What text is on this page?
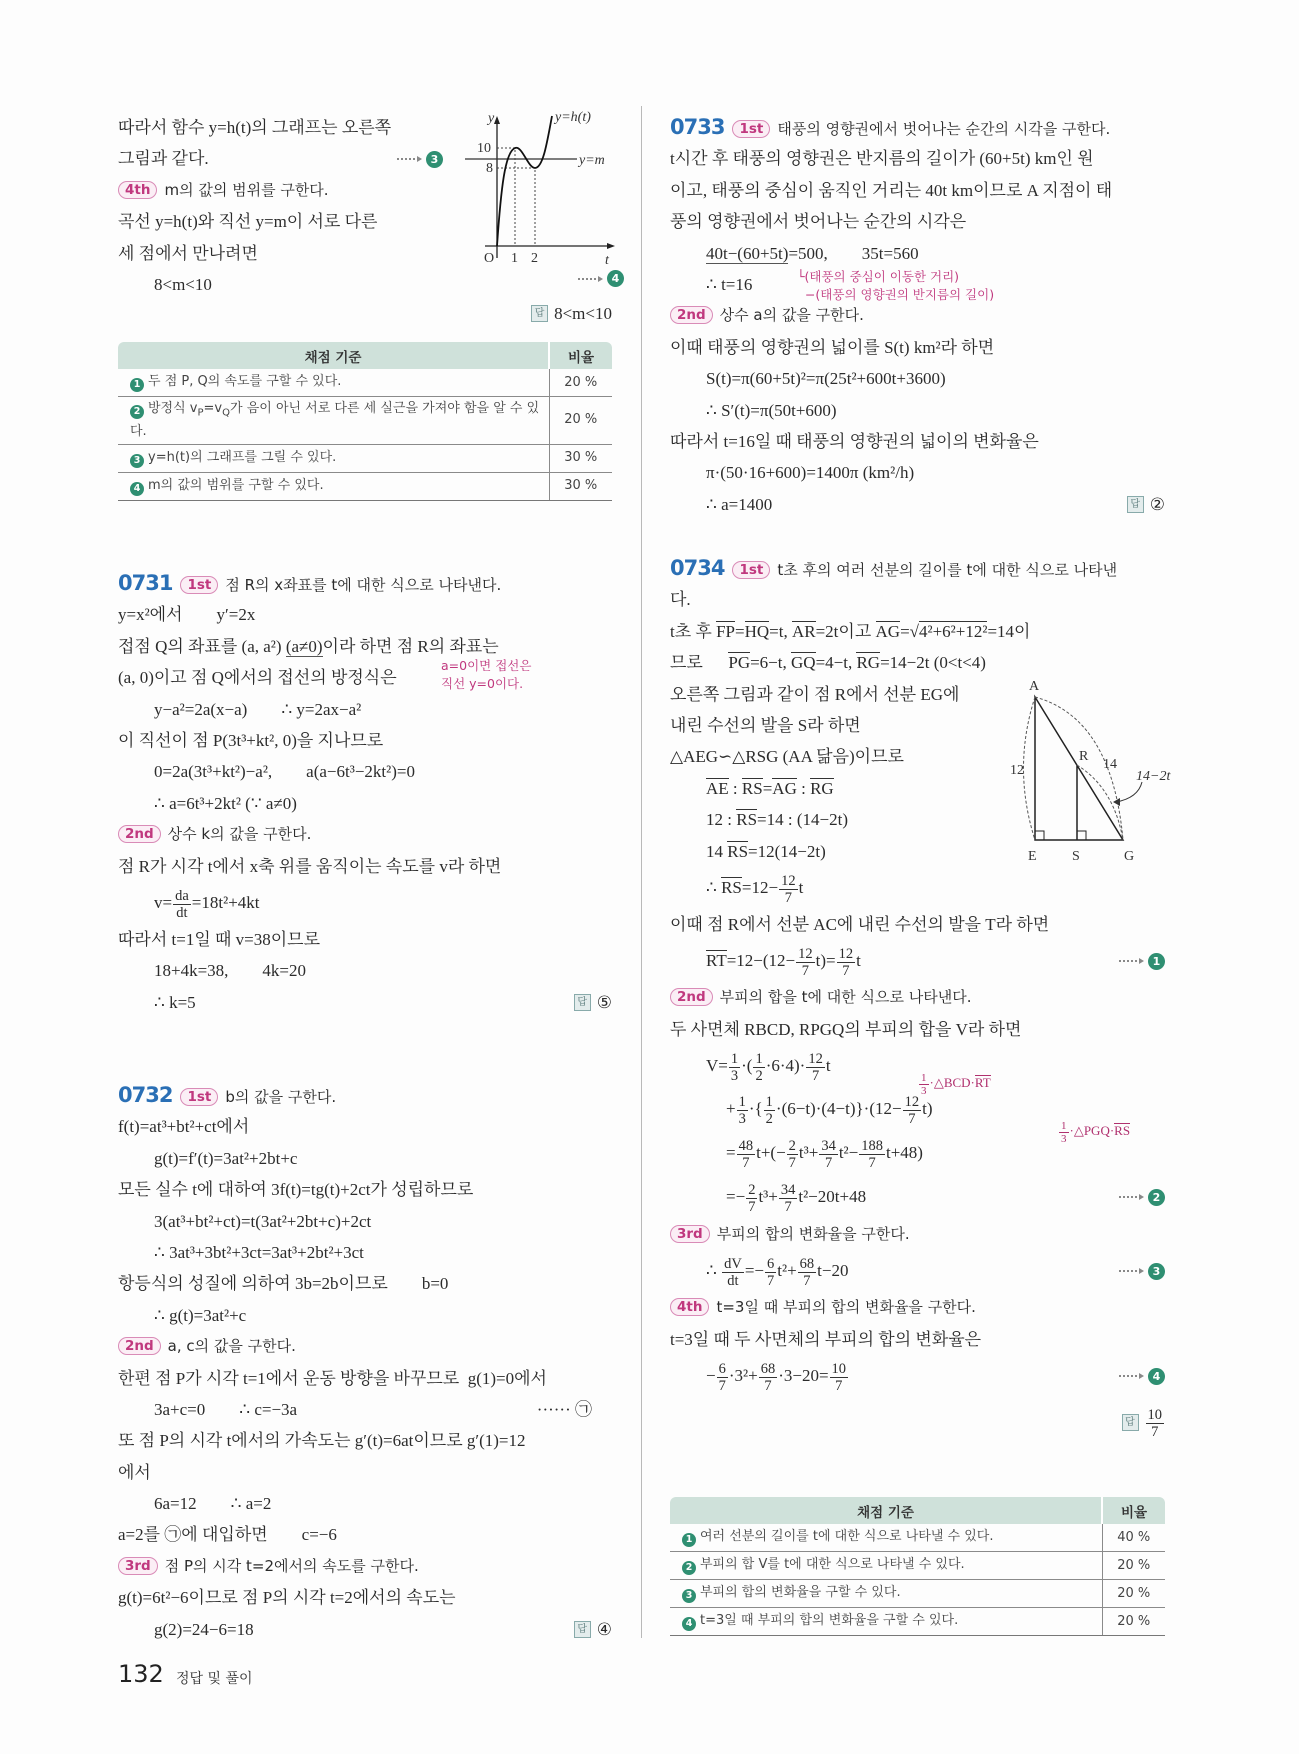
따라서 함수 y=h(t)의 그래프는 오른쪽
그림과 같다.	3
4th m의 값의 범위를 구한다.
곡선 y=h(t)와 직선 y=m이 서로 다른
세 점에서 만나려면
8<m<10	4
답 8<m<10
y
10
8
O 1 2	t
y=h(t)
y=m
채점 기준	비율
1 두 점 P, Q의 속도를 구할 수 있다.	20 %
2 방정식 $v_P=v_Q$가 음이 아닌 서로 다른 세 실근을 가져야 함을 알 수 있다.	20 %
3 y=h(t)의 그래프를 그릴 수 있다.	30 %
4 m의 값의 범위를 구할 수 있다.	30 %
0731 1st 점 R의 x좌표를 t에 대한 식으로 나타낸다.
y=x²에서        y′=2x
접점 Q의 좌표를 (a, a²) (a≠0)이라 하면 점 R의 좌표는
(a, 0)이고 점 Q에서의 접선의 방정식은
y−a²=2a(x−a)        ∴ y=2ax−a²
이 직선이 점 P(3t³+kt², 0)을 지나므로
0=2a(3t³+kt²)−a²,        a(a−6t³−2kt²)=0
∴ a=6t³+2kt² (∵ a≠0)
2nd 상수 k의 값을 구한다.
점 R가 시각 t에서 x축 위를 움직이는 속도를 v라 하면
$v= \frac{da}{dt} =18t^2+4kt$
따라서 t=1일 때 v=38이므로
18+4k=38,        4k=20
∴ k=5	답 ⑤
a=0이면 접선은
직선 y=0이다.
0732 1st b의 값을 구한다.
f(t)=at³+bt²+ct에서
g(t)=f′(t)=3at²+2bt+c
모든 실수 t에 대하여 3f(t)=tg(t)+2ct가 성립하므로
3(at³+bt²+ct)=t(3at²+2bt+c)+2ct
∴ 3at³+3bt²+3ct=3at³+2bt²+3ct
항등식의 성질에 의하여 3b=2b이므로        b=0
∴ g(t)=3at²+c
2nd a, c의 값을 구한다.
한편 점 P가 시각 t=1에서 운동 방향을 바꾸므로  g(1)=0에서
3a+c=0        ∴ c=−3a	······ ㉠
또 점 P의 시각 t에서의 가속도는 g′(t)=6at이므로 g′(1)=12
에서
6a=12        ∴ a=2
a=2를 ㉠에 대입하면        c=−6
3rd 점 P의 시각 t=2에서의 속도를 구한다.
g(t)=6t²−6이므로 점 P의 시각 t=2에서의 속도는
g(2)=24−6=18	답 ④
132 정답 및 풀이
0733 1st 태풍의 영향권에서 벗어나는 순간의 시각을 구한다.
t시간 후 태풍의 영향권은 반지름의 길이가 (60+5t) km인 원
이고, 태풍의 중심이 움직인 거리는 40t km이므로 A 지점이 태
풍의 영향권에서 벗어나는 순간의 시각은
40t−(60+5t)=500,        35t=560
∴ t=16
2nd 상수 a의 값을 구한다.
이때 태풍의 영향권의 넓이를 S(t) km²라 하면
S(t)=π(60+5t)²=π(25t²+600t+3600)
∴ S′(t)=π(50t+600)
따라서 t=16일 때 태풍의 영향권의 넓이의 변화율은
π·(50·16+600)=1400π (km²/h)
∴ a=1400	답 ②
└(태풍의 중심이 이동한 거리)
−(태풍의 영향권의 반지름의 길이)
0734 1st t초 후의 여러 선분의 길이를 t에 대한 식으로 나타낸
다.
t초 후 FP=HQ=t, AR=2t이고 AG=√4²+6²+12²=14이
므로      PG=6−t, GQ=4−t, RG=14−2t (0<t<4)
오른쪽 그림과 같이 점 R에서 선분 EG에
내린 수선의 발을 S라 하면
△AEG∽△RSG (AA 닮음)이므로
AE : RS=AG : RG
12 : RS=14 : (14−2t)
14 RS=12(14−2t)
∴ $RS=12- \frac{12}{7}$ t
이때 점 R에서 선분 AC에 내린 수선의 발을 T라 하면
$RT=12-(12- \frac{12}{7} t)= \frac{12}{7}$ t	1
2nd 부피의 합을 t에 대한 식으로 나타낸다.
두 사면체 RBCD, RPGQ의 부피의 합을 V라 하면
$V= \frac{1}{3}$ ·( $\frac{1}{2} \cdot 6\cdot 4)\cdot \frac{12}{7}$ t
+ $\frac{1}{3}$ ·{ $\frac{1}{2} \cdot(6-t)\cdot(4-t)\}\cdot(12- \frac{12}{7} t)$
= $\frac{48}{7} t+(- \frac{2}{7} t^3+ \frac{34}{7} t^2- \frac{188}{7} t+48)$
=− $\frac{2}{7} t^3+ \frac{34}{7} t^2-20t+48$	2
3rd 부피의 합의 변화율을 구한다.
∴ $\frac{dV}{dt} =- \frac{6}{7} t^2+ \frac{68}{7} t-20$	3
4th t=3일 때 부피의 합의 변화율을 구한다.
t=3일 때 두 사면체의 부피의 합의 변화율은
− $\frac{6}{7} \cdot 3^2+ \frac{68}{7} \cdot 3-20= \frac{10}{7}$	4
답 $\frac{10}{7}$
$\frac{1}{3}$ ·△BCD·RT
$\frac{1}{3}$ ·△PGQ·RS
A
E	S	G
R
12	14
14−2t
채점 기준	비율
1 여러 선분의 길이를 t에 대한 식으로 나타낼 수 있다.	40 %
2 부피의 합 V를 t에 대한 식으로 나타낼 수 있다.	20 %
3 부피의 합의 변화율을 구할 수 있다.	20 %
4 t=3일 때 부피의 합의 변화율을 구할 수 있다.	20 %
